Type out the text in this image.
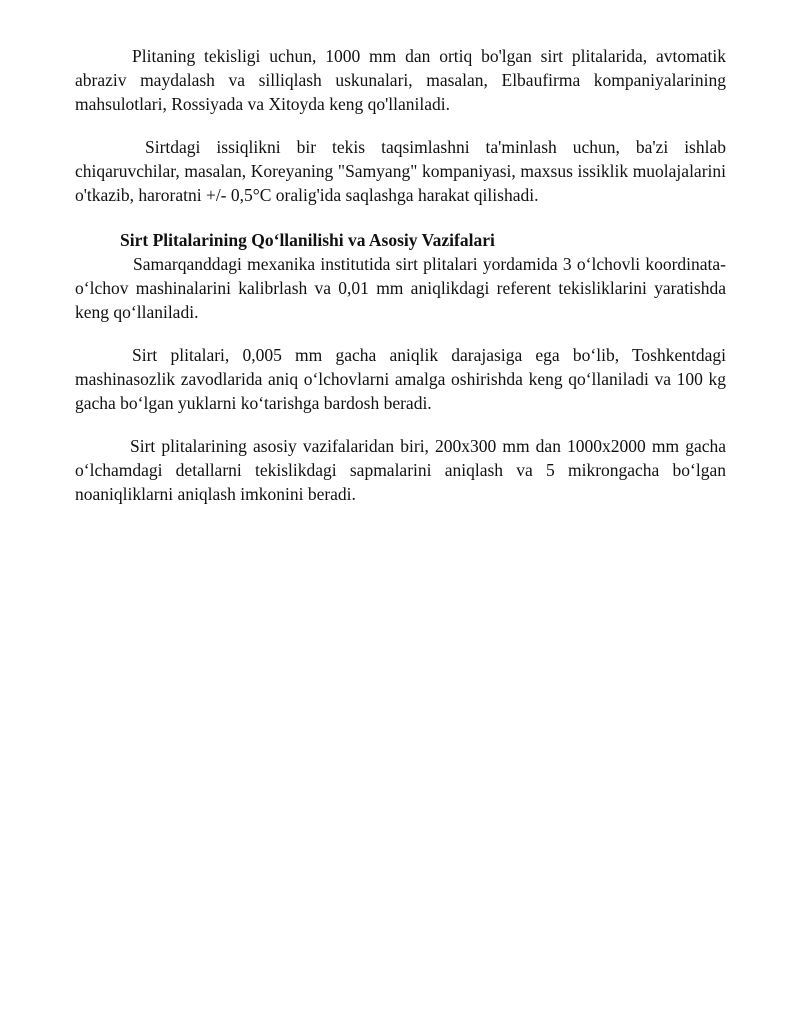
Plitaning tekisligi uchun, 1000 mm dan ortiq bo'lgan sirt plitalarida, avtomatik abraziv maydalash va silliqlash uskunalari, masalan, Elbaufirma kompaniyalarining mahsulotlari, Rossiyada va Xitoyda keng qo'llaniladi.

Sirtdagi issiqlikni bir tekis taqsimlashni ta'minlash uchun, ba'zi ishlab chiqaruvchilar, masalan, Koreyaning "Samyang" kompaniyasi, maxsus issiklik muolajalarini o'tkazib, haroratni +/- 0,5°C oralig'ida saqlashga harakat qilishadi.

Sirt Plitalarining Qo‘llanilishi va Asosiy Vazifalari

Samarqanddagi mexanika institutida sirt plitalari yordamida 3 o‘lchovli koordinata-o‘lchov mashinalarini kalibrlash va 0,01 mm aniqlikdagi referent tekisliklarini yaratishda keng qo‘llaniladi.

Sirt plitalari, 0,005 mm gacha aniqlik darajasiga ega bo‘lib, Toshkentdagi mashinasozlik zavodlarida aniq o‘lchovlarni amalga oshirishda keng qo‘llaniladi va 100 kg gacha bo‘lgan yuklarni ko‘tarishga bardosh beradi.

Sirt plitalarining asosiy vazifalaridan biri, 200x300 mm dan 1000x2000 mm gacha o‘lchamdagi detallarni tekislikdagi sapmalarini aniqlash va 5 mikrongacha bo‘lgan noaniqliklarni aniqlash imkonini beradi.
